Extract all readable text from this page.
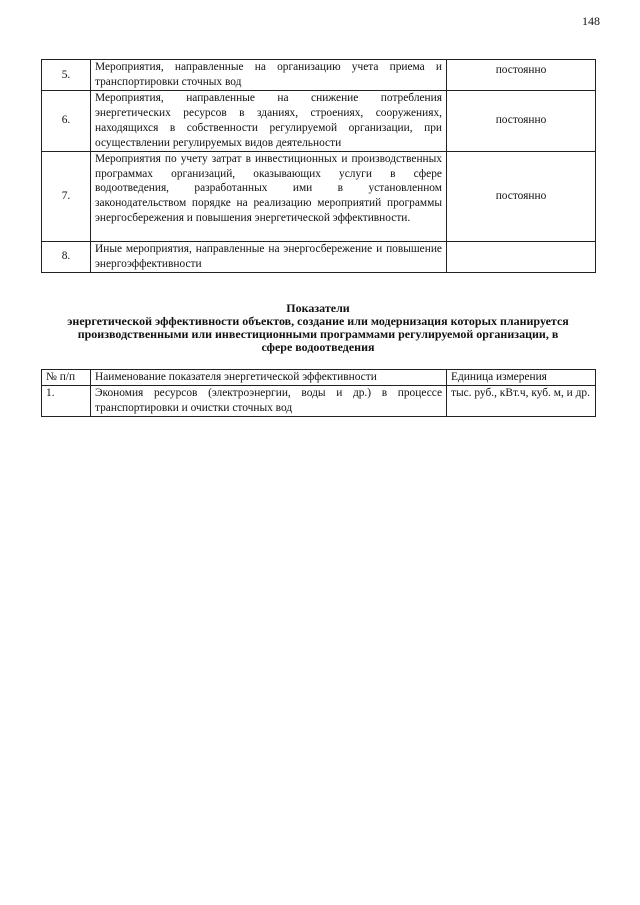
148
5.	Мероприятия, направленные на организацию учета приема и транспортировки сточных вод	постоянно
6.	Мероприятия, направленные на снижение потребления энергетических ресурсов в зданиях, строениях, сооружениях, находящихся в собственности регулируемой организации, при осуществлении регулируемых видов деятельности	постоянно
7.	Мероприятия по учету затрат в инвестиционных и производственных программах организаций, оказывающих услуги в сфере водоотведения, разработанных ими в установленном законодательством порядке на реализацию мероприятий программы энергосбережения и повышения энергетической эффективности.	постоянно
8.	Иные мероприятия, направленные на энергосбережение и повышение энергоэффективности	
Показатели
энергетической эффективности объектов, создание или модернизация которых планируется
производственными или инвестиционными программами регулируемой организации, в
сфере водоотведения
№ п/п	Наименование показателя энергетической эффективности	Единица измерения
1.	Экономия ресурсов (электроэнергии, воды и др.) в процессе транспортировки и очистки сточных вод	тыс. руб., кВт.ч, куб. м, и др.
